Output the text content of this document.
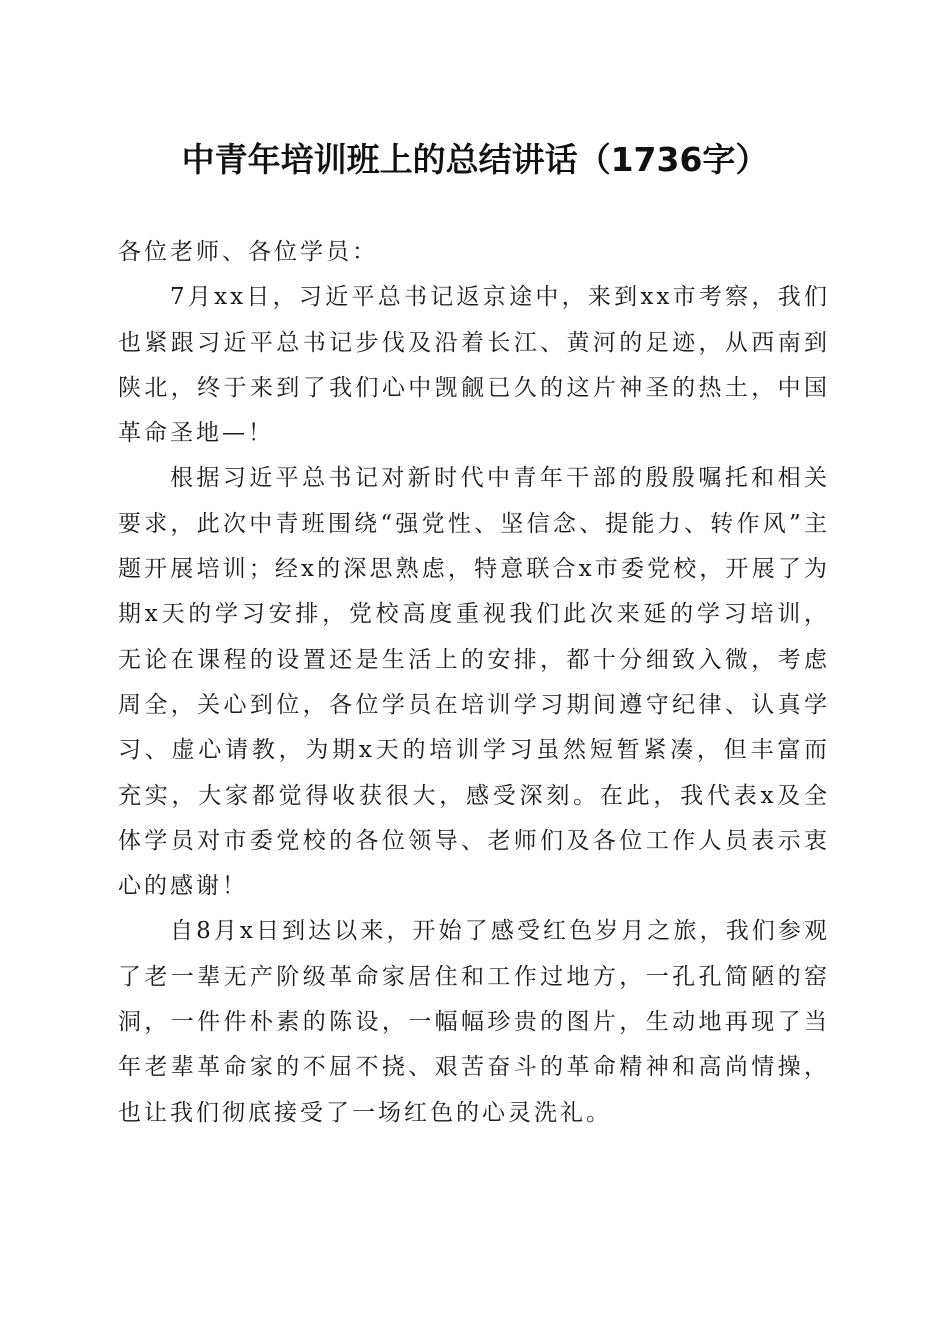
中青年培训班上的总结讲话（1736字）

各位老师、各位学员：

7月xx日，习近平总书记返京途中，来到xx市考察，我们也紧跟习近平总书记步伐及沿着长江、黄河的足迹，从西南到陕北，终于来到了我们心中觊觎已久的这片神圣的热土，中国革命圣地—！

根据习近平总书记对新时代中青年干部的殷殷嘱托和相关要求，此次中青班围绕“强党性、坚信念、提能力、转作风”主题开展培训；经x的深思熟虑，特意联合x市委党校，开展了为期x天的学习安排，党校高度重视我们此次来延的学习培训，无论在课程的设置还是生活上的安排，都十分细致入微，考虑周全，关心到位，各位学员在培训学习期间遵守纪律、认真学习、虚心请教，为期x天的培训学习虽然短暂紧凑，但丰富而充实，大家都觉得收获很大，感受深刻。在此，我代表x及全体学员对市委党校的各位领导、老师们及各位工作人员表示衷心的感谢！

自8月x日到达以来，开始了感受红色岁月之旅，我们参观了老一辈无产阶级革命家居住和工作过地方，一孔孔简陋的窑洞，一件件朴素的陈设，一幅幅珍贵的图片，生动地再现了当年老辈革命家的不屈不挠、艰苦奋斗的革命精神和高尚情操，也让我们彻底接受了一场红色的心灵洗礼。
